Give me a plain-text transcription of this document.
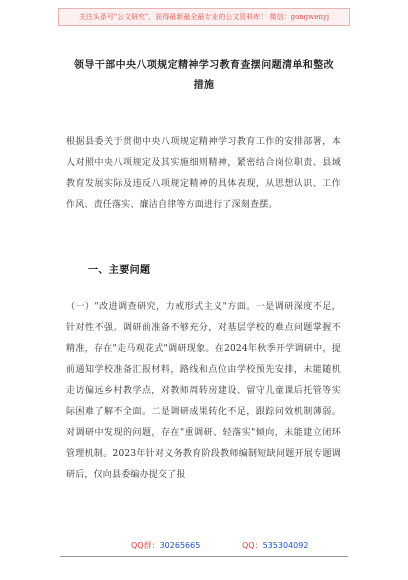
关注头条号"公文研究"，获得最新最全最专业的公文资料库！ 微信：gongwenyj
领导干部中央八项规定精神学习教育查摆问题清单和整改
措施

根据县委关于贯彻中央八项规定精神学习教育工作的安排部署，本人对照中央八项规定及其实施细则精神，紧密结合岗位职责、县域教育发展实际及违反八项规定精神的具体表现，从思想认识、工作作风、责任落实、廉洁自律等方面进行了深刻查摆。

一、主要问题

（一）"改进调查研究，力戒形式主义"方面。一是调研深度不足，针对性不强。调研前准备不够充分，对基层学校的难点问题掌握不精准，存在"走马观花式"调研现象。在2024年秋季开学调研中，提前通知学校准备汇报材料，路线和点位由学校预先安排，未能随机走访偏远乡村教学点，对教师周转房建设、留守儿童课后托管等实际困难了解不全面。二是调研成果转化不足，跟踪问效机制薄弱。对调研中发现的问题，存在"重调研、轻落实"倾向，未能建立闭环管理机制。2023年针对义务教育阶段教师编制短缺问题开展专题调研后，仅向县委编办提交了报

QQ群：30265665	QQ：535304092
